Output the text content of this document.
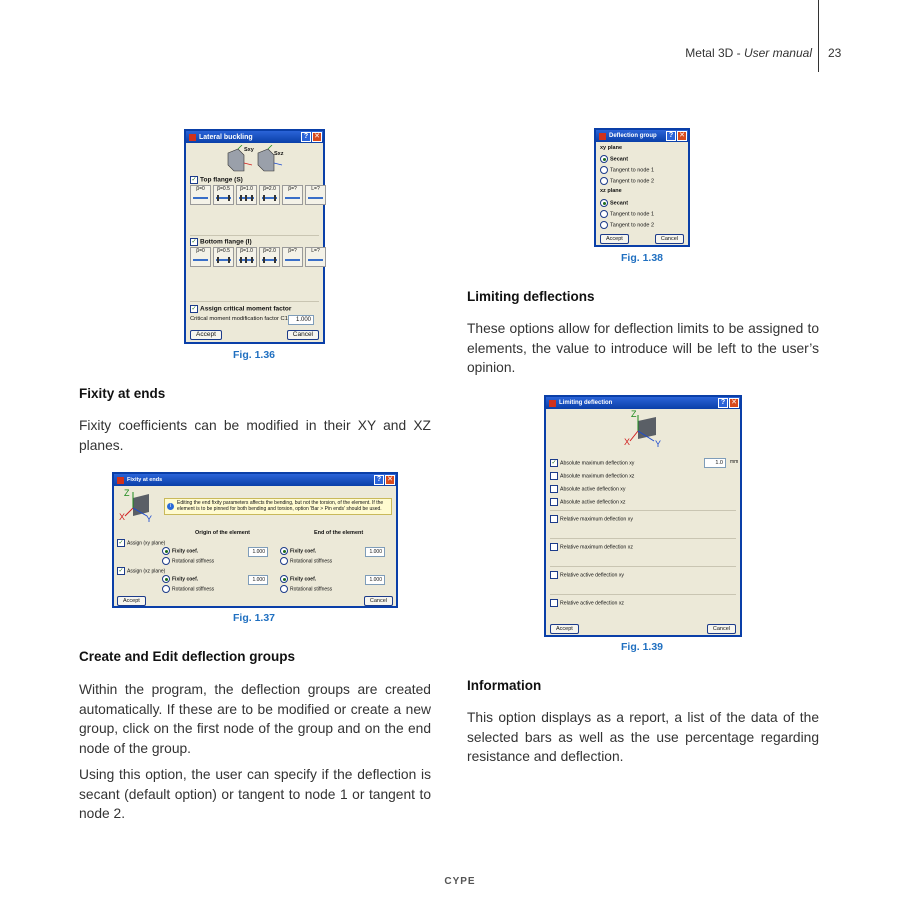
Metal 3D - User manual 23
Lateral buckling	? ✕
Sxy
Sxz
✓ Top flange (S)
β=0 β=0.5 β=1.0 β=2.0 β=?	L=?
✓ Bottom flange (I)
β=0 β=0.5 β=1.0 β=2.0 β=?	L=?
✓ Assign critical moment factor
Critical moment modification factor C1	1.000
Accept	Cancel
Fig. 1.36
Fixity at ends

Fixity coefficients can be modified in their XY and XZ planes.

Fixity at ends	? ✕
Z
X Y
i	Editing the end fixity parameters affects the bending, but not the torsion, of the element. If the element is to be pinned for both bending and torsion, option 'Bar > Pin ends' should be used.
Origin of the element	End of the element
✓ Assign (xy plane)
Fixity coef.	1.000	Fixity coef.	1.000
Rotational stiffness	Rotational stiffness
✓ Assign (xz plane)
Fixity coef.	1.000	Fixity coef.	1.000
Rotational stiffness	Rotational stiffness
Accept	Cancel
Fig. 1.37
Create and Edit deflection groups

Within the program, the deflection groups are created automatically. If these are to be modified or create a new group, click on the first node of the group and on the end node of the group.

Using this option, the user can specify if the deflection is secant (default option) or tangent to node 1 or tangent to node 2.

Deflection group	? ✕
xy plane
Secant
Tangent to node 1
Tangent to node 2
xz plane
Secant
Tangent to node 1
Tangent to node 2
Accept	Cancel
Fig. 1.38
Limiting deflections

These options allow for deflection limits to be assigned to elements, the value to introduce will be left to the user’s opinion.

Limiting deflection	? ✕
Z
X	Y
✓ Absolute maximum deflection xy	1.0	mm
Absolute maximum deflection xz
Absolute active deflection xy
Absolute active deflection xz
Relative maximum deflection xy
Relative maximum deflection xz
Relative active deflection xy
Relative active deflection xz
Accept	Cancel
Fig. 1.39
Information

This option displays as a report, a list of the data of the selected bars as well as the use percentage regarding resistance and deflection.

CYPE
